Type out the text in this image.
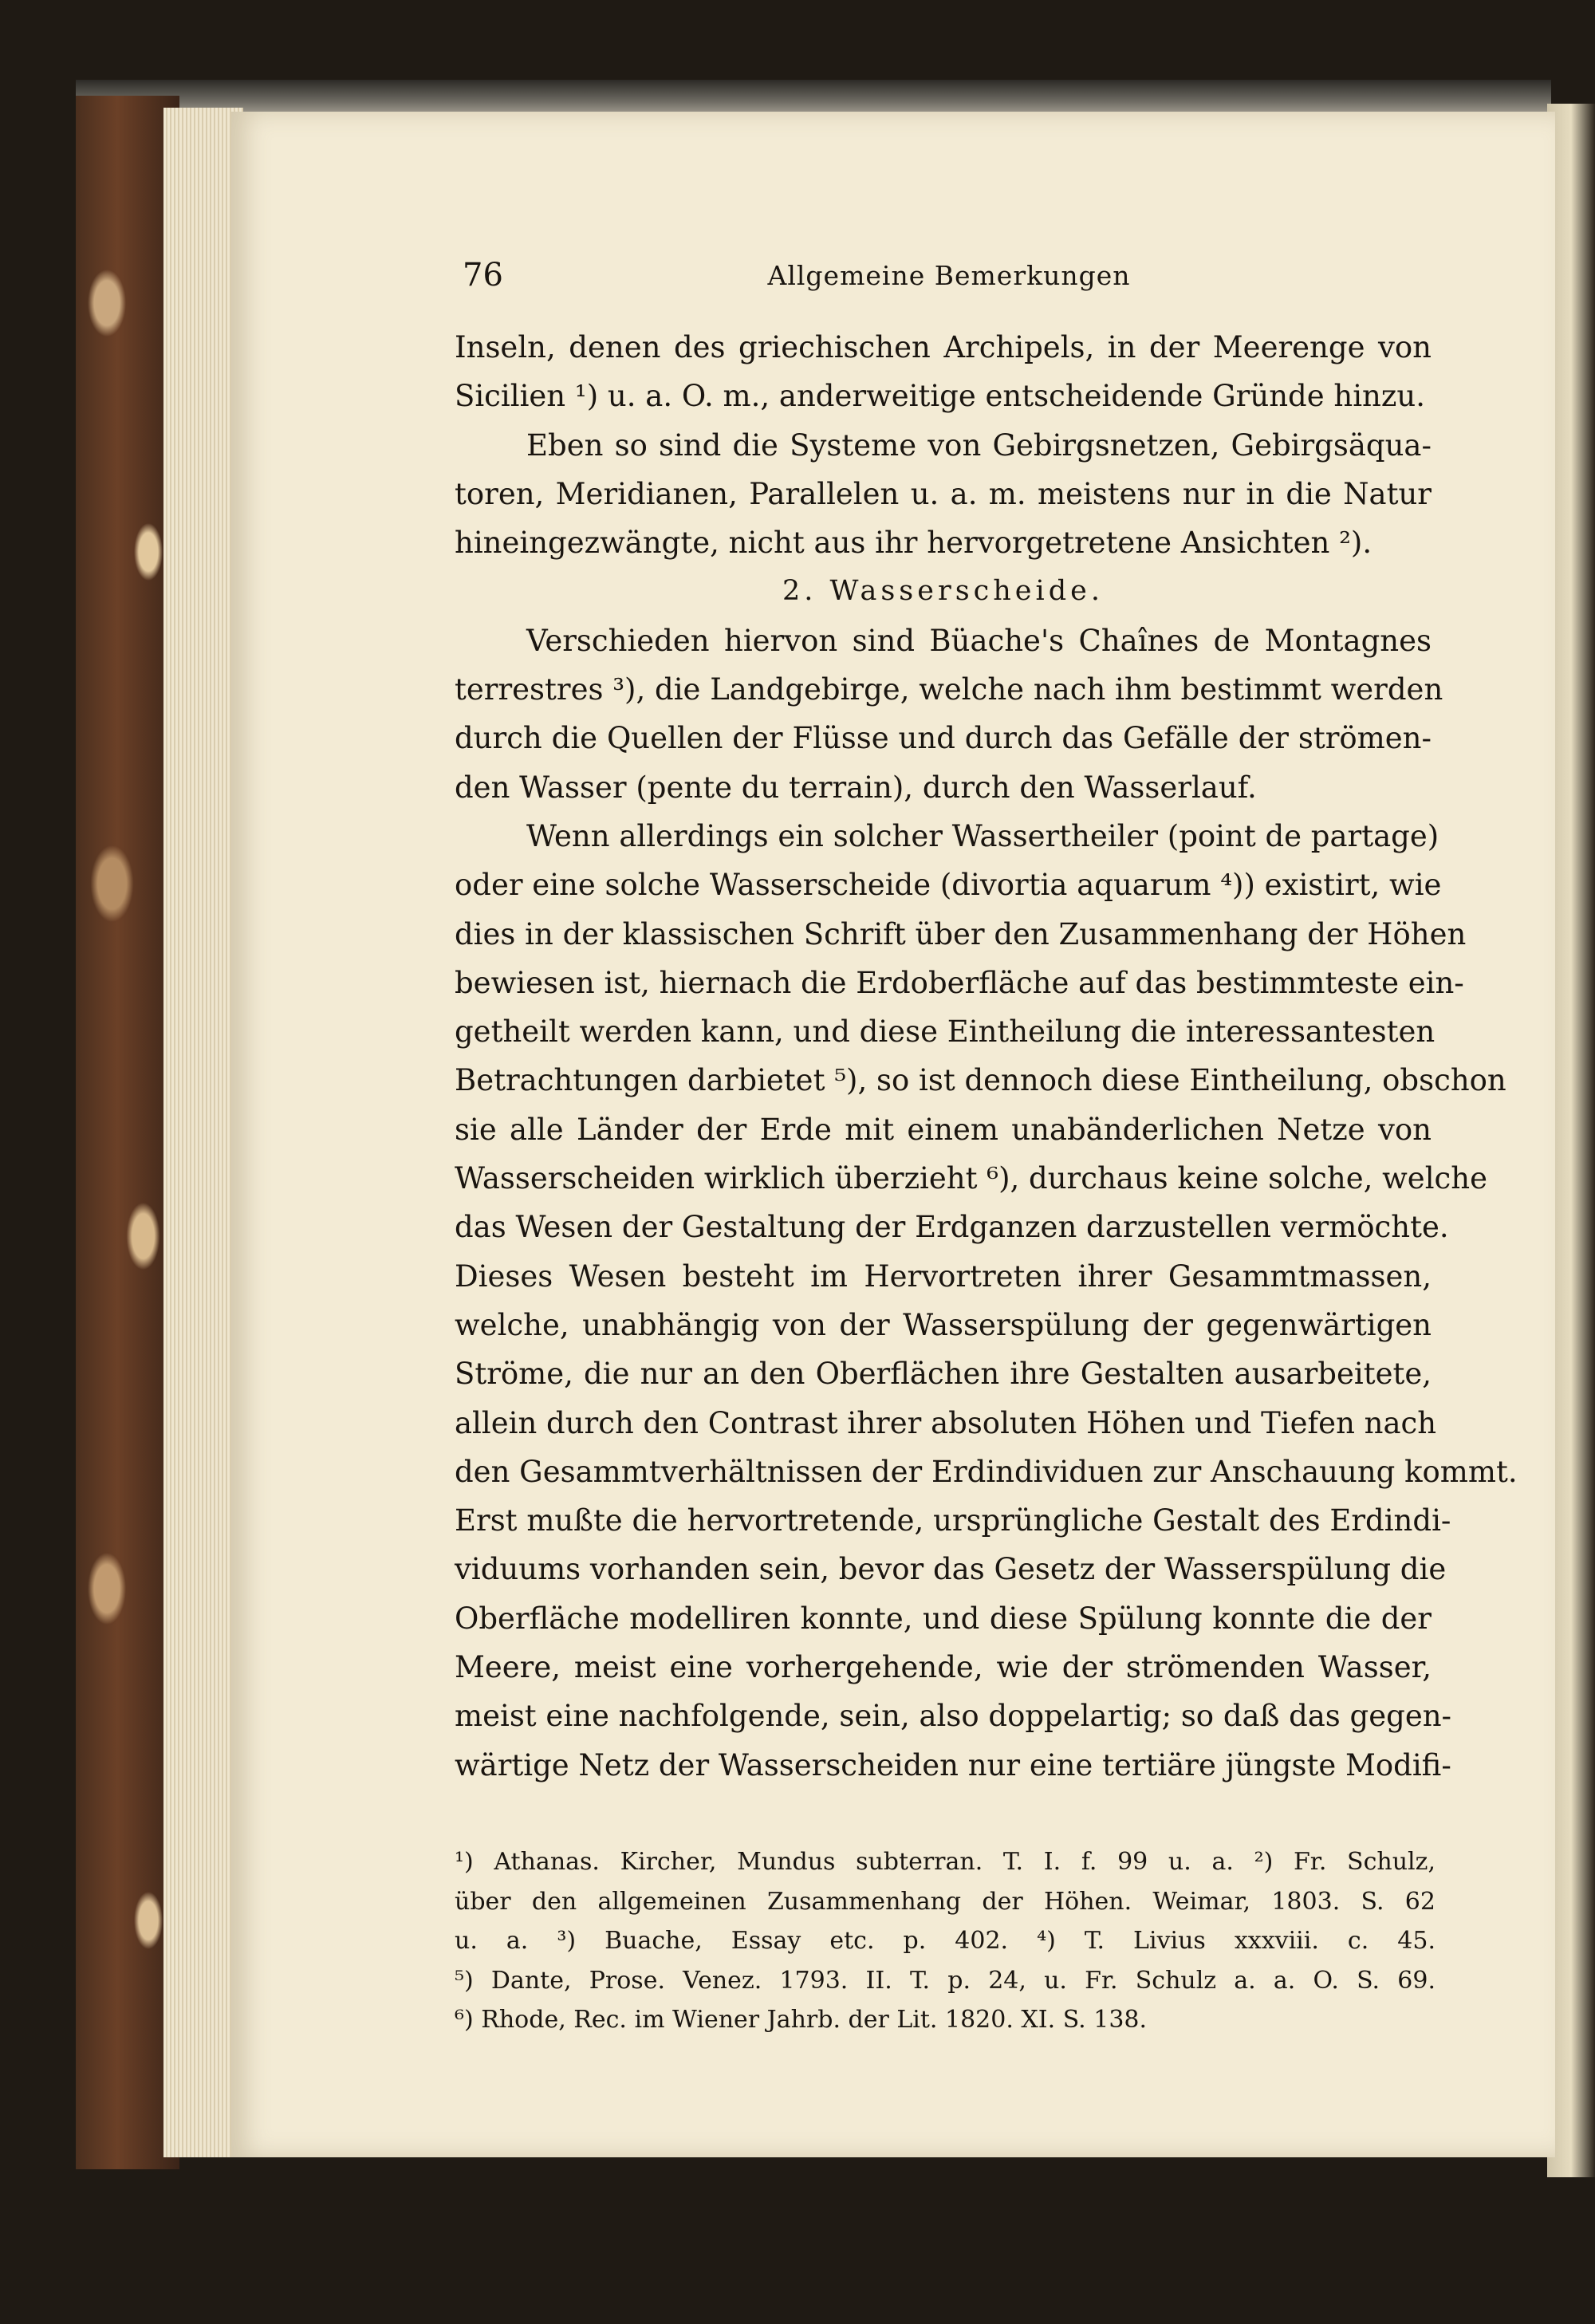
76	Allgemeine Bemerkungen
Inseln, denen des griechischen Archipels, in der Meerenge von
Sicilien ¹) u. a. O. m., anderweitige entscheidende Gründe hinzu.
Eben so sind die Systeme von Gebirgsnetzen, Gebirgsäqua-
toren, Meridianen, Parallelen u. a. m. meistens nur in die Natur
hineingezwängte, nicht aus ihr hervorgetretene Ansichten ²).
2. Wasserscheide.
Verschieden hiervon sind Büache's Chaînes de Montagnes
terrestres ³), die Landgebirge, welche nach ihm bestimmt werden
durch die Quellen der Flüsse und durch das Gefälle der strömen-
den Wasser (pente du terrain), durch den Wasserlauf.
Wenn allerdings ein solcher Wassertheiler (point de partage)
oder eine solche Wasserscheide (divortia aquarum ⁴)) existirt, wie
dies in der klassischen Schrift über den Zusammenhang der Höhen
bewiesen ist, hiernach die Erdoberfläche auf das bestimmteste ein-
getheilt werden kann, und diese Eintheilung die interessantesten
Betrachtungen darbietet ⁵), so ist dennoch diese Eintheilung, obschon
sie alle Länder der Erde mit einem unabänderlichen Netze von
Wasserscheiden wirklich überzieht ⁶), durchaus keine solche, welche
das Wesen der Gestaltung der Erdganzen darzustellen vermöchte.
Dieses Wesen besteht im Hervortreten ihrer Gesammtmassen,
welche, unabhängig von der Wasserspülung der gegenwärtigen
Ströme, die nur an den Oberflächen ihre Gestalten ausarbeitete,
allein durch den Contrast ihrer absoluten Höhen und Tiefen nach
den Gesammtverhältnissen der Erdindividuen zur Anschauung kommt.
Erst mußte die hervortretende, ursprüngliche Gestalt des Erdindi-
viduums vorhanden sein, bevor das Gesetz der Wasserspülung die
Oberfläche modelliren konnte, und diese Spülung konnte die der
Meere, meist eine vorhergehende, wie der strömenden Wasser,
meist eine nachfolgende, sein, also doppelartig; so daß das gegen-
wärtige Netz der Wasserscheiden nur eine tertiäre jüngste Modifi-
¹) Athanas. Kircher, Mundus subterran. T. I. f. 99 u. a. ²) Fr. Schulz,
über den allgemeinen Zusammenhang der Höhen. Weimar, 1803. S. 62
u. a. ³) Buache, Essay etc. p. 402. ⁴) T. Livius xxxviii. c. 45.
⁵) Dante, Prose. Venez. 1793. II. T. p. 24, u. Fr. Schulz a. a. O. S. 69.
⁶) Rhode, Rec. im Wiener Jahrb. der Lit. 1820. XI. S. 138.
